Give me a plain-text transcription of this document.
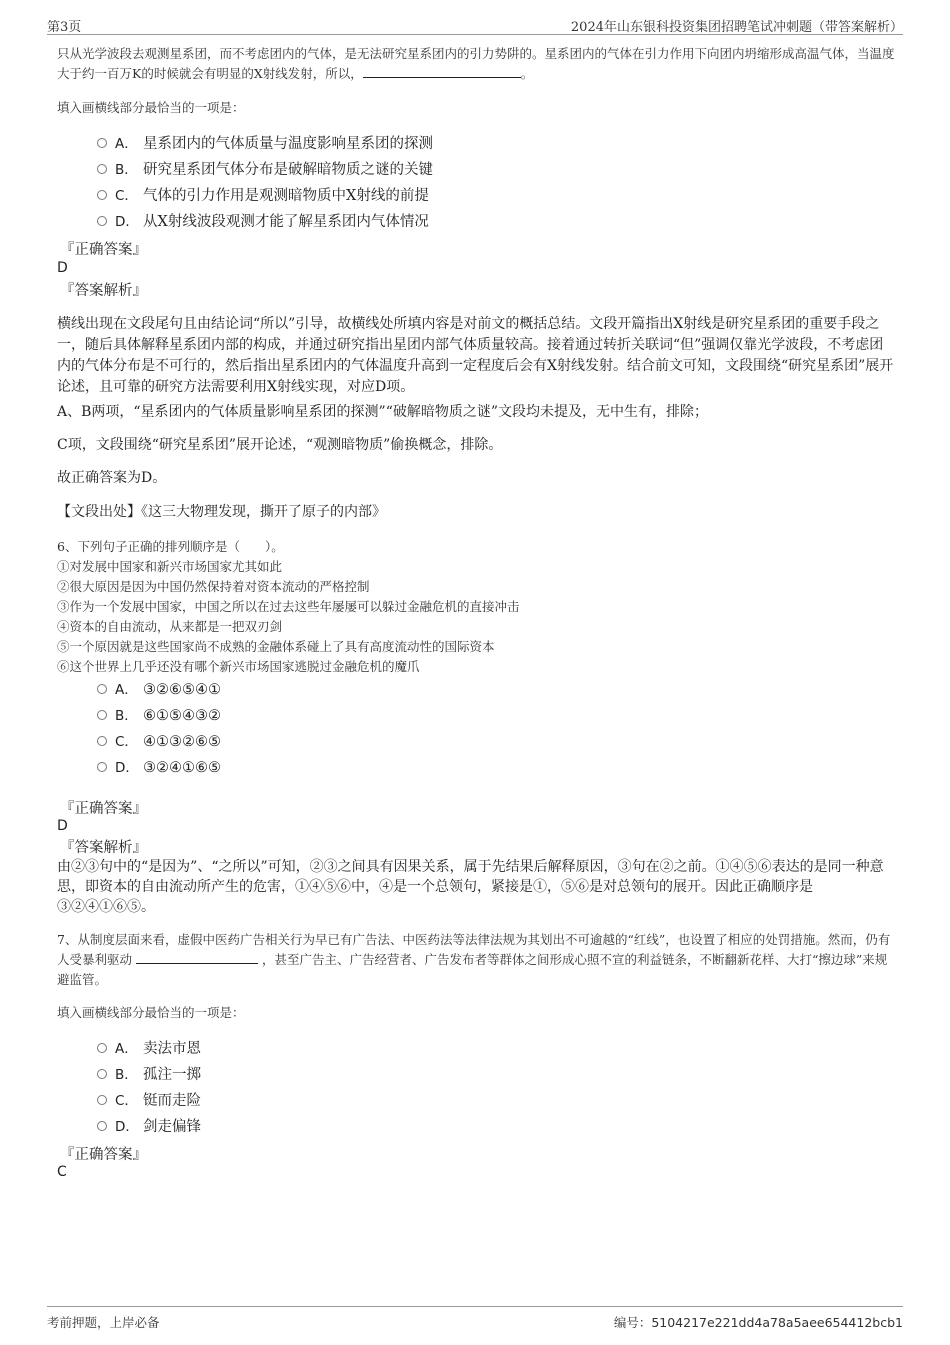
第3页	2024年山东银科投资集团招聘笔试冲刺题（带答案解析）
只从光学波段去观测星系团，而不考虑团内的气体，是无法研究星系团内的引力势阱的。星系团内的气体在引力作用下向团内坍缩形成高温气体，当温度大于约一百万K的时候就会有明显的X射线发射，所以，	。
填入画横线部分最恰当的一项是：
A． 星系团内的气体质量与温度影响星系团的探测
B． 研究星系团气体分布是破解暗物质之谜的关键
C． 气体的引力作用是观测暗物质中X射线的前提
D． 从X射线波段观测才能了解星系团内气体情况
『正确答案』
D
『答案解析』
横线出现在文段尾句且由结论词“所以”引导，故横线处所填内容是对前文的概括总结。文段开篇指出X射线是研究星系团的重要手段之一，随后具体解释星系团内部的构成，并通过研究指出星团内部气体质量较高。接着通过转折关联词“但”强调仅靠光学波段，不考虑团内的气体分布是不可行的，然后指出星系团内的气体温度升高到一定程度后会有X射线发射。结合前文可知，文段围绕“研究星系团”展开论述，且可靠的研究方法需要利用X射线实现，对应D项。
A、B两项，“星系团内的气体质量影响星系团的探测”“破解暗物质之谜”文段均未提及，无中生有，排除；
C项，文段围绕“研究星系团”展开论述，“观测暗物质”偷换概念，排除。
故正确答案为D。
【文段出处】《这三大物理发现，撕开了原子的内部》
6、下列句子正确的排列顺序是（　　）。
①对发展中国家和新兴市场国家尤其如此
②很大原因是因为中国仍然保持着对资本流动的严格控制
③作为一个发展中国家，中国之所以在过去这些年屡屡可以躲过金融危机的直接冲击
④资本的自由流动，从来都是一把双刃剑
⑤一个原因就是这些国家尚不成熟的金融体系碰上了具有高度流动性的国际资本
⑥这个世界上几乎还没有哪个新兴市场国家逃脱过金融危机的魔爪
A． ③②⑥⑤④①
B． ⑥①⑤④③②
C． ④①③②⑥⑤
D． ③②④①⑥⑤
『正确答案』
D
『答案解析』
由②③句中的“是因为”、“之所以”可知，②③之间具有因果关系，属于先结果后解释原因，③句在②之前。①④⑤⑥表达的是同一种意思，即资本的自由流动所产生的危害，①④⑤⑥中，④是一个总领句，紧接是①，⑤⑥是对总领句的展开。因此正确顺序是③②④①⑥⑤。
7、从制度层面来看，虚假中医药广告相关行为早已有广告法、中医药法等法律法规为其划出不可逾越的“红线”，也设置了相应的处罚措施。然而，仍有人受暴利驱动	，甚至广告主、广告经营者、广告发布者等群体之间形成心照不宣的利益链条，不断翻新花样、大打“擦边球”来规避监管。
填入画横线部分最恰当的一项是：
A． 卖法市恩
B． 孤注一掷
C． 铤而走险
D． 剑走偏锋
『正确答案』
C
考前押题，上岸必备	编号：5104217e221dd4a78a5aee654412bcb1
